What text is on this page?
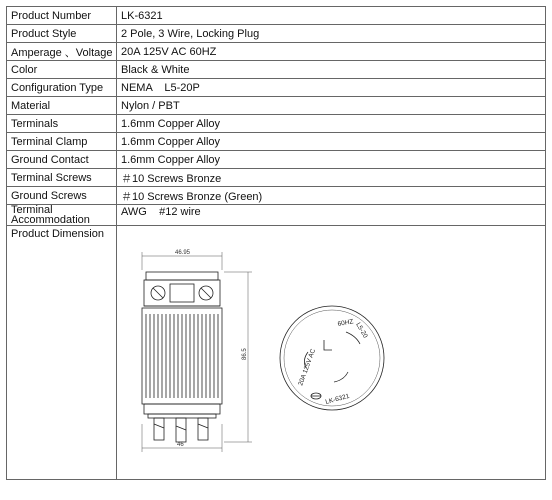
Product Number	LK-6321
Product Style	2 Pole, 3 Wire, Locking Plug
Amperage 、Voltage	20A 125V AC 60HZ
Color	Black & White
Configuration Type	NEMA    L5-20P
Material	Nylon / PBT
Terminals	1.6mm Copper Alloy
Terminal Clamp	1.6mm Copper Alloy
Ground Contact	1.6mm Copper Alloy
Terminal Screws	＃10 Screws Bronze
Ground Screws	＃10 Screws Bronze (Green)
Terminal Accommodation	AWG    #12 wire
Product Dimension	
46.95
46
86.5	20A 125V AC
60HZ L5-20
LK-6321
